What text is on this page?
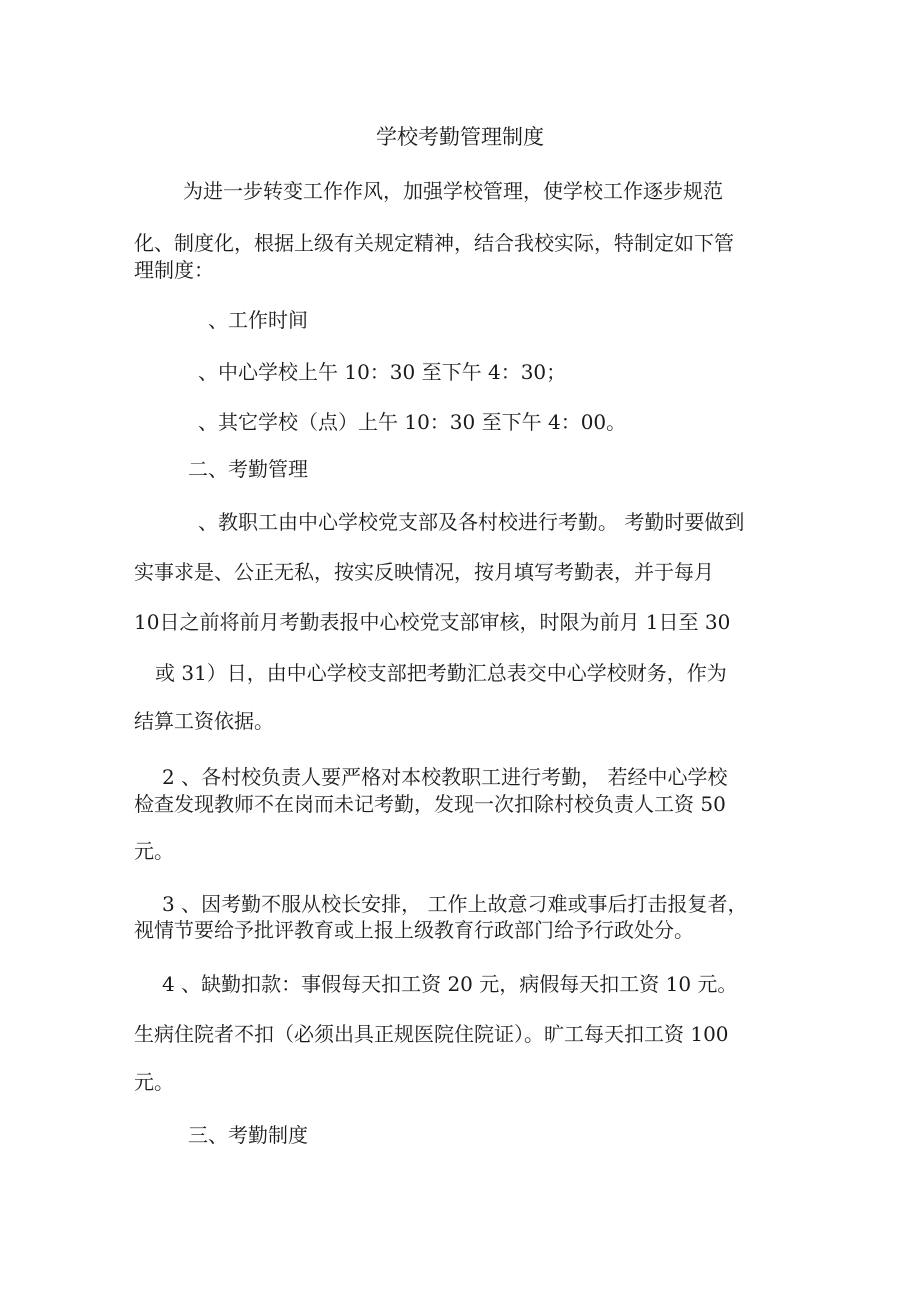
学校考勤管理制度

为进一步转变工作作风，加强学校管理，使学校工作逐步规范

化、制度化，根据上级有关规定精神，结合我校实际，特制定如下管

理制度：

、工作时间

、中心学校上午 10：30 至下午 4：30；

、其它学校（点）上午 10：30 至下午 4：00。

二、考勤管理

、教职工由中心学校党支部及各村校进行考勤。 考勤时要做到

实事求是、公正无私，按实反映情况，按月填写考勤表，并于每月

10日之前将前月考勤表报中心校党支部审核，时限为前月 1日至 30

或 31）日，由中心学校支部把考勤汇总表交中心学校财务，作为

结算工资依据。

2 、各村校负责人要严格对本校教职工进行考勤， 若经中心学校

检查发现教师不在岗而未记考勤，发现一次扣除村校负责人工资 50

元。

3 、因考勤不服从校长安排， 工作上故意刁难或事后打击报复者，

视情节要给予批评教育或上报上级教育行政部门给予行政处分。

4 、缺勤扣款：事假每天扣工资 20 元，病假每天扣工资 10 元。

生病住院者不扣（必须出具正规医院住院证）。旷工每天扣工资 100

元。

三、考勤制度
